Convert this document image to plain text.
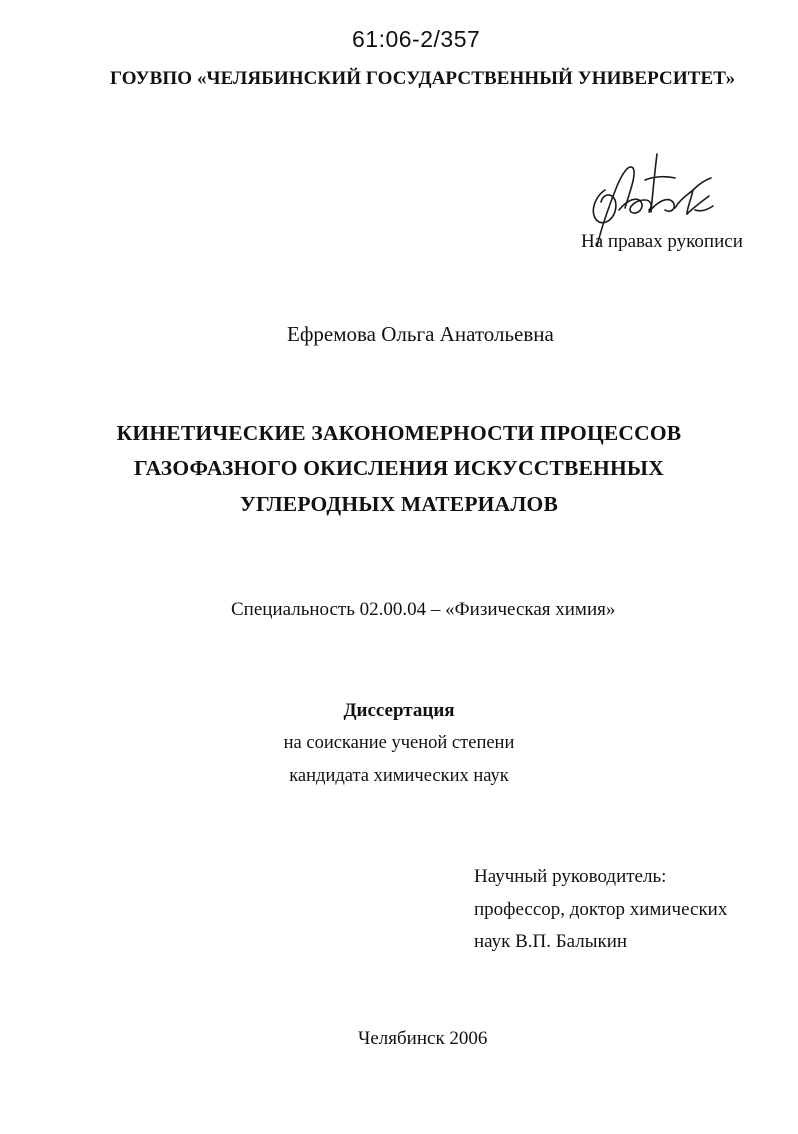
61:06-2/357

ГОУВПО «ЧЕЛЯБИНСКИЙ ГОСУДАРСТВЕННЫЙ УНИВЕРСИТЕТ»

На правах рукописи

Ефремова Ольга Анатольевна

КИНЕТИЧЕСКИЕ ЗАКОНОМЕРНОСТИ ПРОЦЕССОВ

ГАЗОФАЗНОГО ОКИСЛЕНИЯ ИСКУССТВЕННЫХ

УГЛЕРОДНЫХ МАТЕРИАЛОВ

Специальность 02.00.04 – «Физическая химия»

Диссертация

на соискание ученой степени

кандидата химических наук

Научный руководитель:

профессор, доктор химических

наук В.П. Балыкин

Челябинск 2006
